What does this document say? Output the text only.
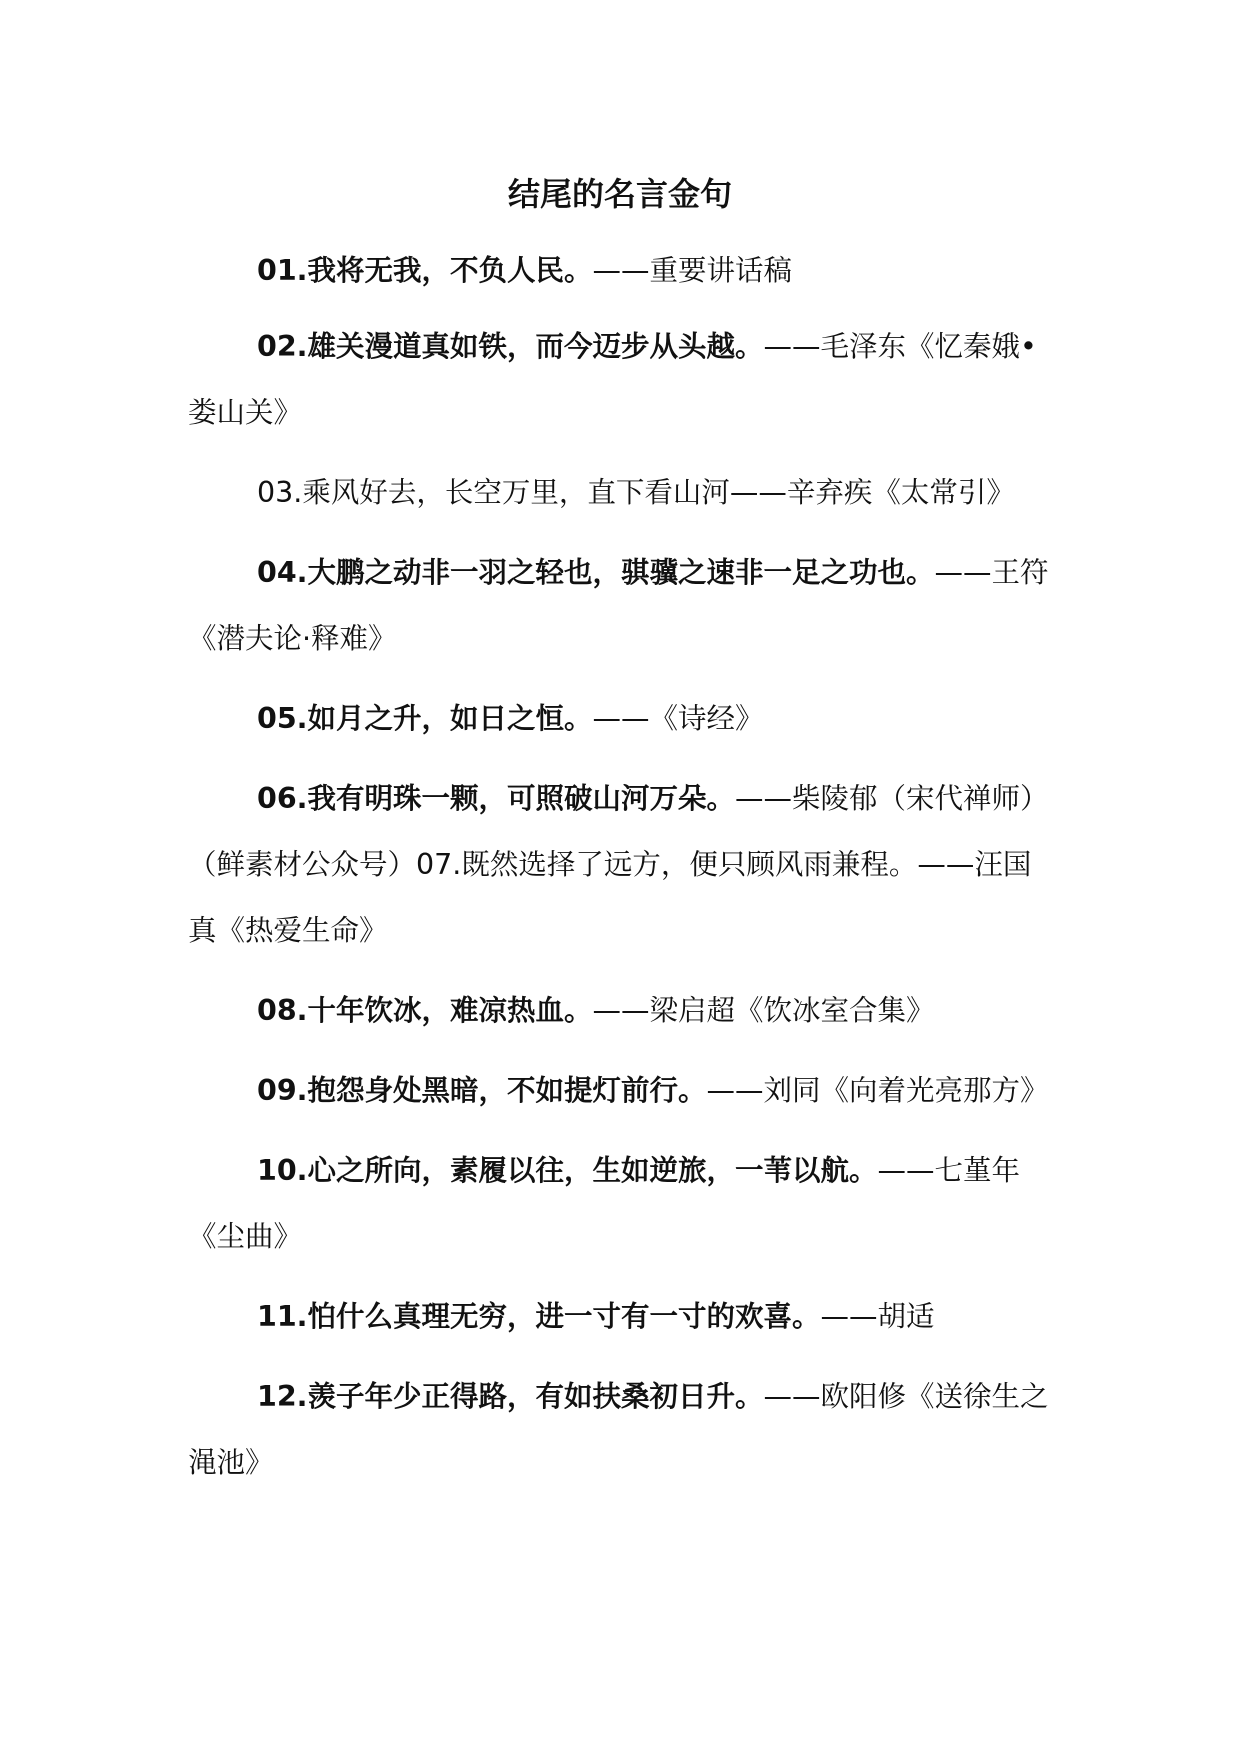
结尾的名言金句

01.我将无我，不负人民。——重要讲话稿

02.雄关漫道真如铁，而今迈步从头越。——毛泽东《忆秦娥•娄山关》

03.乘风好去，长空万里，直下看山河——辛弃疾《太常引》

04.大鹏之动非一羽之轻也，骐骥之速非一足之功也。——王符《潜夫论·释难》

05.如月之升，如日之恒。——《诗经》

06.我有明珠一颗，可照破山河万朵。——柴陵郁（宋代禅师）（鲜素材公众号）07.既然选择了远方，便只顾风雨兼程。——汪国真《热爱生命》

08.十年饮冰，难凉热血。——梁启超《饮冰室合集》

09.抱怨身处黑暗，不如提灯前行。——刘同《向着光亮那方》

10.心之所向，素履以往，生如逆旅，一苇以航。——七堇年《尘曲》

11.怕什么真理无穷，进一寸有一寸的欢喜。——胡适

12.羡子年少正得路，有如扶桑初日升。——欧阳修《送徐生之渑池》
